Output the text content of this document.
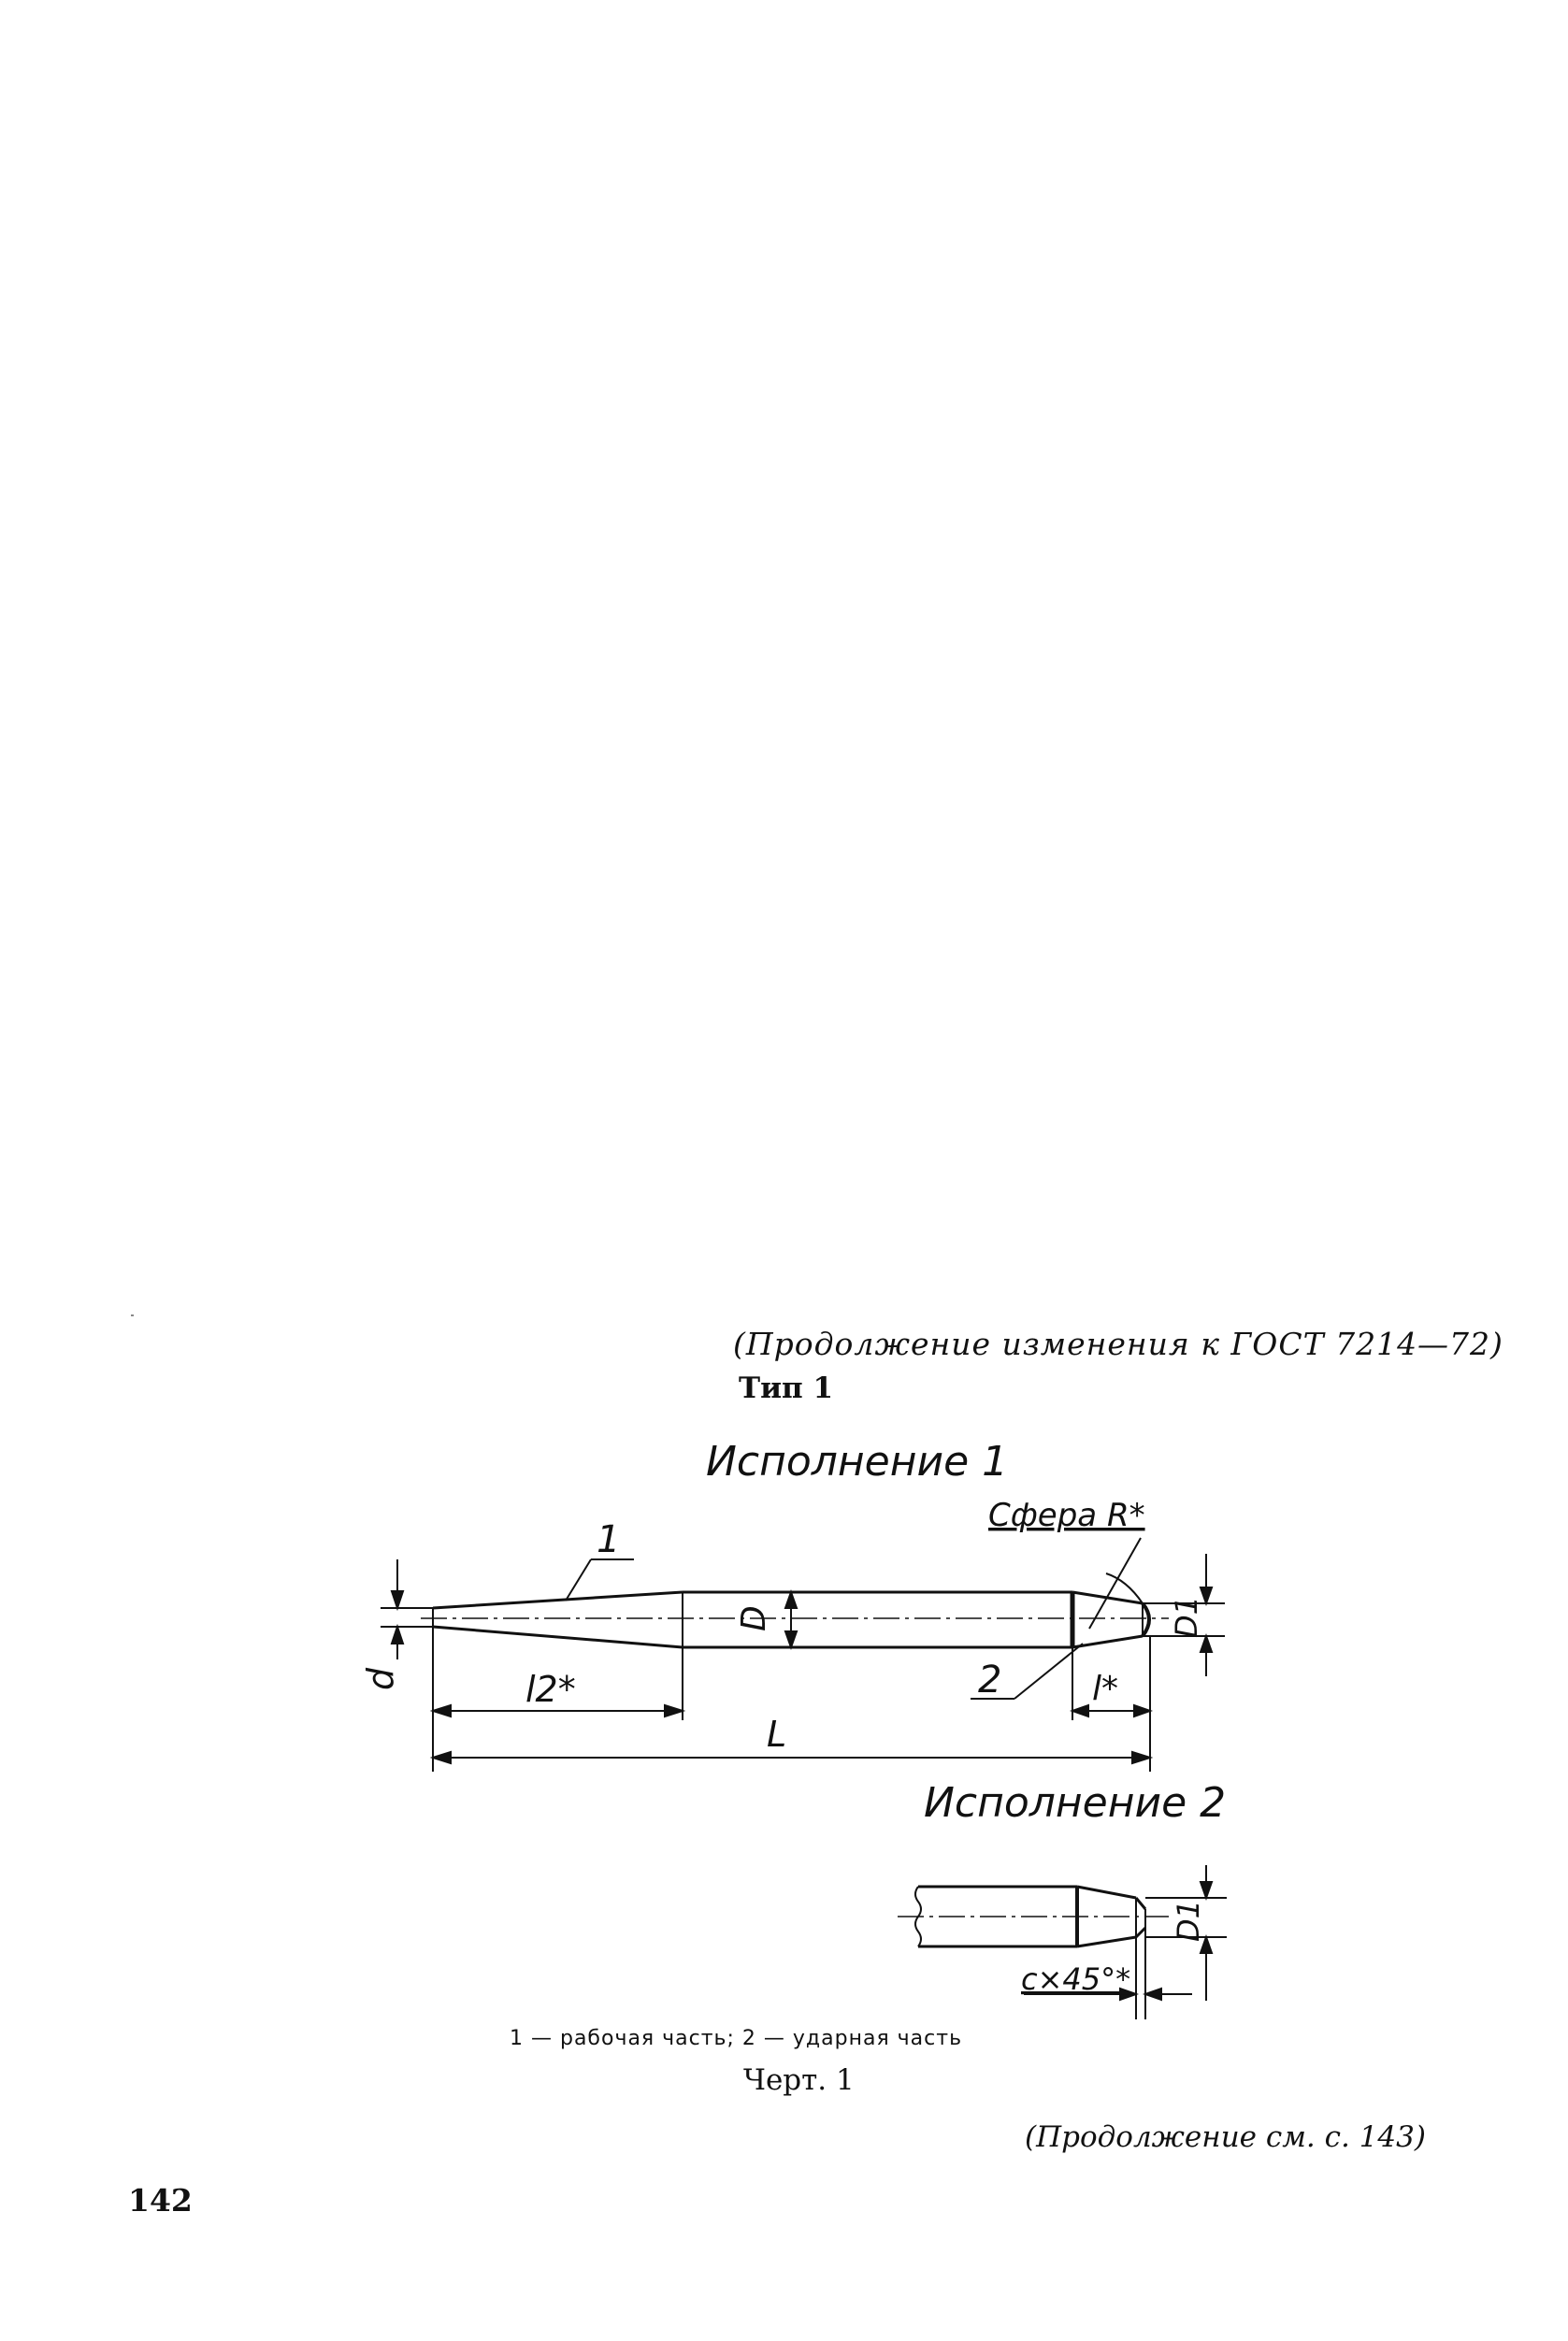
(Продолжение изменения к ГОСТ 7214—72)
Тип 1
Исполнение 1
1
Сфера R*
2
d
D	D1
l2*	l*
L
Исполнение 2
D1
c×45°*
1 — рабочая часть; 2 — ударная часть
Черт. 1
(Продолжение см. с. 143)
142
